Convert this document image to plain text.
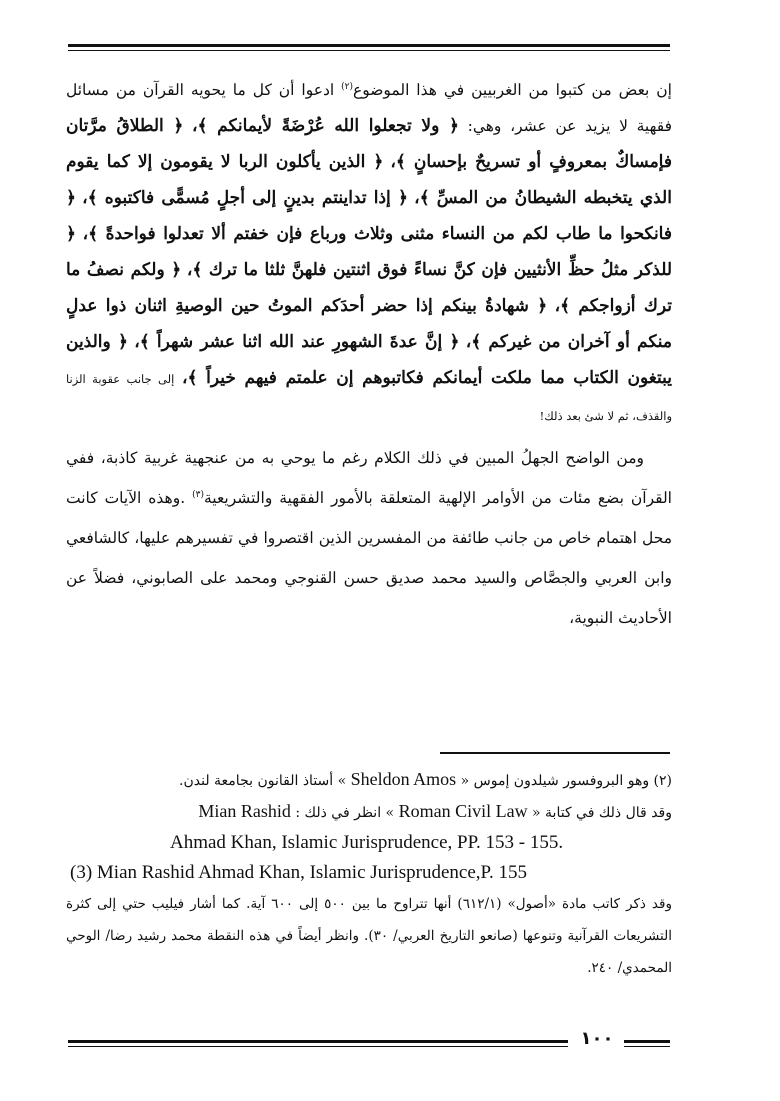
إن بعض من كتبوا من الغربيين في هذا الموضوع$^{(٢)}$ ادعوا أن كل ما يحويه القرآن من مسائل فقهية لا يزيد عن عشر، وهي: ﴿ ولا تجعلوا الله عُرْضَةً لأيمانكم ﴾، ﴿ الطلاقُ مرَّتان فإمساكٌ بمعروفٍ أو تسريحٌ بإحسانٍ ﴾، ﴿ الذين يأكلون الربا لا يقومون إلا كما يقوم الذي يتخبطه الشيطانُ من المسِّ ﴾، ﴿ إذا تداينتم بدينٍ إلى أجلٍ مُسمًّى فاكتبوه ﴾، ﴿ فانكحوا ما طاب لكم من النساء مثنى وثلاث ورباع فإن خفتم ألا تعدلوا فواحدةً ﴾، ﴿ للذكر مثلُ حظِّ الأنثيين فإن كنَّ نساءً فوق اثنتين فلهنَّ ثلثا ما ترك ﴾، ﴿ ولكم نصفُ ما ترك أزواجكم ﴾، ﴿ شهادةُ بينكم إذا حضر أحدَكم الموتُ حين الوصيةِ اثنان ذوا عدلٍ منكم أو آخران من غيركم ﴾، ﴿ إنَّ عدةَ الشهورِ عند الله اثنا عشر شهراً ﴾، ﴿ والذين يبتغون الكتاب مما ملكت أيمانكم فكاتبوهم إن علمتم فيهم خيراً ﴾، إلى جانب عقوبة الزنا والقذف، ثم لا شئ بعد ذلك!

ومن الواضح الجهلُ المبين في ذلك الكلام رغم ما يوحي به من عنجهية غربية كاذبة، ففي القرآن بضع مئات من الأوامر الإلهية المتعلقة بالأمور الفقهية والتشريعية$^{(٣)}$ .وهذه الآيات كانت محل اهتمام خاص من جانب طائفة من المفسرين الذين اقتصروا في تفسيرهم عليها، كالشافعي وابن العربي والجصَّاص والسيد محمد صديق حسن القنوجي ومحمد على الصابوني، فضلاً عن الأحاديث النبوية،

(٢) وهو البروفسور شيلدون إموس « Sheldon Amos » أستاذ القانون بجامعة لندن.

وقد قال ذلك في كتابة « Roman Civil Law » انظر في ذلك : Mian Rashid

Ahmad Khan, Islamic Jurisprudence, PP. 153 - 155.

(3) Mian Rashid Ahmad Khan, Islamic Jurisprudence,P. 155

وقد ذكر كاتب مادة «أصول» (٦١٢/١) أنها تتراوح ما بين ٥٠٠ إلى ٦٠٠ آية. كما أشار فيليب حتي إلى كثرة التشريعات القرآنية وتنوعها (صانعو التاريخ العربي/ ٣٠). وانظر أيضاً في هذه النقطة محمد رشيد رضا/ الوحي المحمدي/ ٢٤٠.

١٠٠
